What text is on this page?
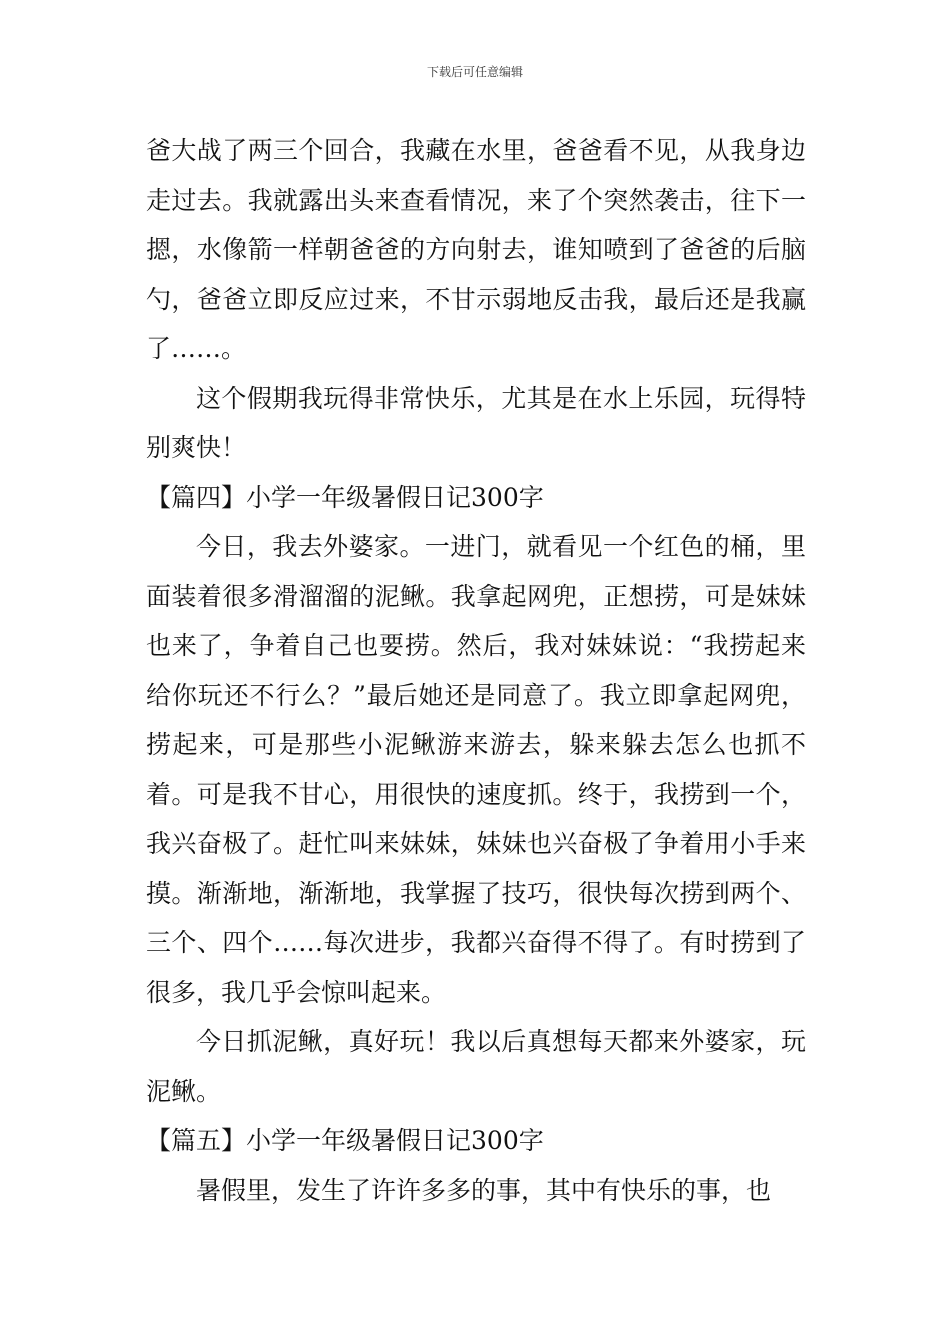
下载后可任意编辑

爸大战了两三个回合，我藏在水里，爸爸看不见，从我身边走过去。我就露出头来查看情况，来了个突然袭击，往下一摁，水像箭一样朝爸爸的方向射去，谁知喷到了爸爸的后脑勺，爸爸立即反应过来，不甘示弱地反击我，最后还是我赢了……。

这个假期我玩得非常快乐，尤其是在水上乐园，玩得特别爽快！

【篇四】小学一年级暑假日记300字

今日，我去外婆家。一进门，就看见一个红色的桶，里面装着很多滑溜溜的泥鳅。我拿起网兜，正想捞，可是妹妹也来了，争着自己也要捞。然后，我对妹妹说：“我捞起来给你玩还不行么？”最后她还是同意了。我立即拿起网兜，捞起来，可是那些小泥鳅游来游去，躲来躲去怎么也抓不着。可是我不甘心，用很快的速度抓。终于，我捞到一个，我兴奋极了。赶忙叫来妹妹，妹妹也兴奋极了争着用小手来摸。渐渐地，渐渐地，我掌握了技巧，很快每次捞到两个、三个、四个……每次进步，我都兴奋得不得了。有时捞到了很多，我几乎会惊叫起来。

今日抓泥鳅，真好玩！我以后真想每天都来外婆家，玩泥鳅。

【篇五】小学一年级暑假日记300字

暑假里，发生了许许多多的事，其中有快乐的事，也
